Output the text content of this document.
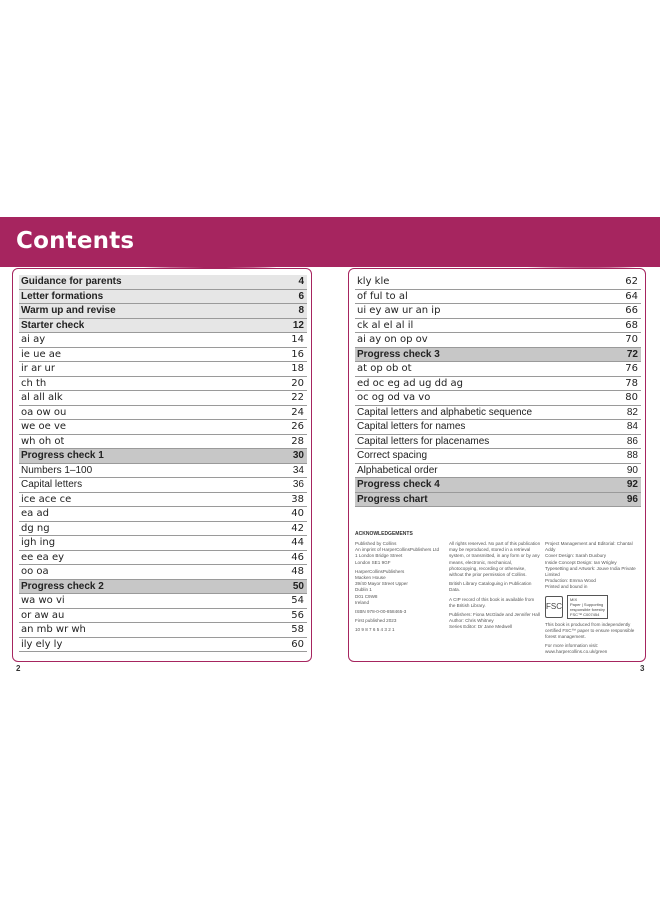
Contents
Guidance for parents	4
Letter formations	6
Warm up and revise	8
Starter check	12
ai ay	14
ie ue ae	16
ir ar ur	18
ch th	20
al all alk	22
oa ow ou	24
we oe ve	26
wh oh ot	28
Progress check 1	30
Numbers 1–100	34
Capital letters	36
ice ace ce	38
ea ad	40
dg ng	42
igh ing	44
ee ea ey	46
oo oa	48
Progress check 2	50
wa wo vi	54
or aw au	56
an mb wr wh	58
ily ely ly	60
kly kle	62
of ful to al	64
ui ey aw ur an ip	66
ck al el al il	68
ai ay on op ov	70
Progress check 3	72
at op ob ot	76
ed oc eg ad ug dd ag	78
oc og od va vo	80
Capital letters and alphabetic sequence	82
Capital letters for names	84
Capital letters for placenames	86
Correct spacing	88
Alphabetical order	90
Progress check 4	92
Progress chart	96
ACKNOWLEDGEMENTS

Published by Collins
An imprint of HarperCollinsPublishers Ltd
1 London Bridge Street
London SE1 9GF

HarperCollinsPublishers
Macken House
39/40 Mayor Street Upper
Dublin 1
D01 C9W8
Ireland

ISBN 978-0-00-858465-3

First published 2023

10 9 8 7 6 5 4 3 2 1

All rights reserved. No part of this publication may be reproduced, stored in a retrieval system, or transmitted, in any form or by any means, electronic, mechanical, photocopying, recording or otherwise, without the prior permission of Collins.

British Library Cataloguing in Publication Data.

A CIP record of this book is available from the British Library.

Publishers: Fiona McGlade and Jennifer Hall
Author: Chris Whitney
Series Editor: Dr Jane Medwell

Project Management and Editorial: Chantal Addy
Cover Design: Sarah Duxbury
Inside Concept Design: Ian Wrigley
Typesetting and Artwork: Jouve India Private Limited
Production: Emma Wood
Printed and bound in

FSC
MIX
Paper | Supporting
responsible forestry
FSC™ C007454

This book is produced from independently certified FSC™ paper to ensure responsible forest management.

For more information visit:
www.harpercollins.co.uk/green

2	3
